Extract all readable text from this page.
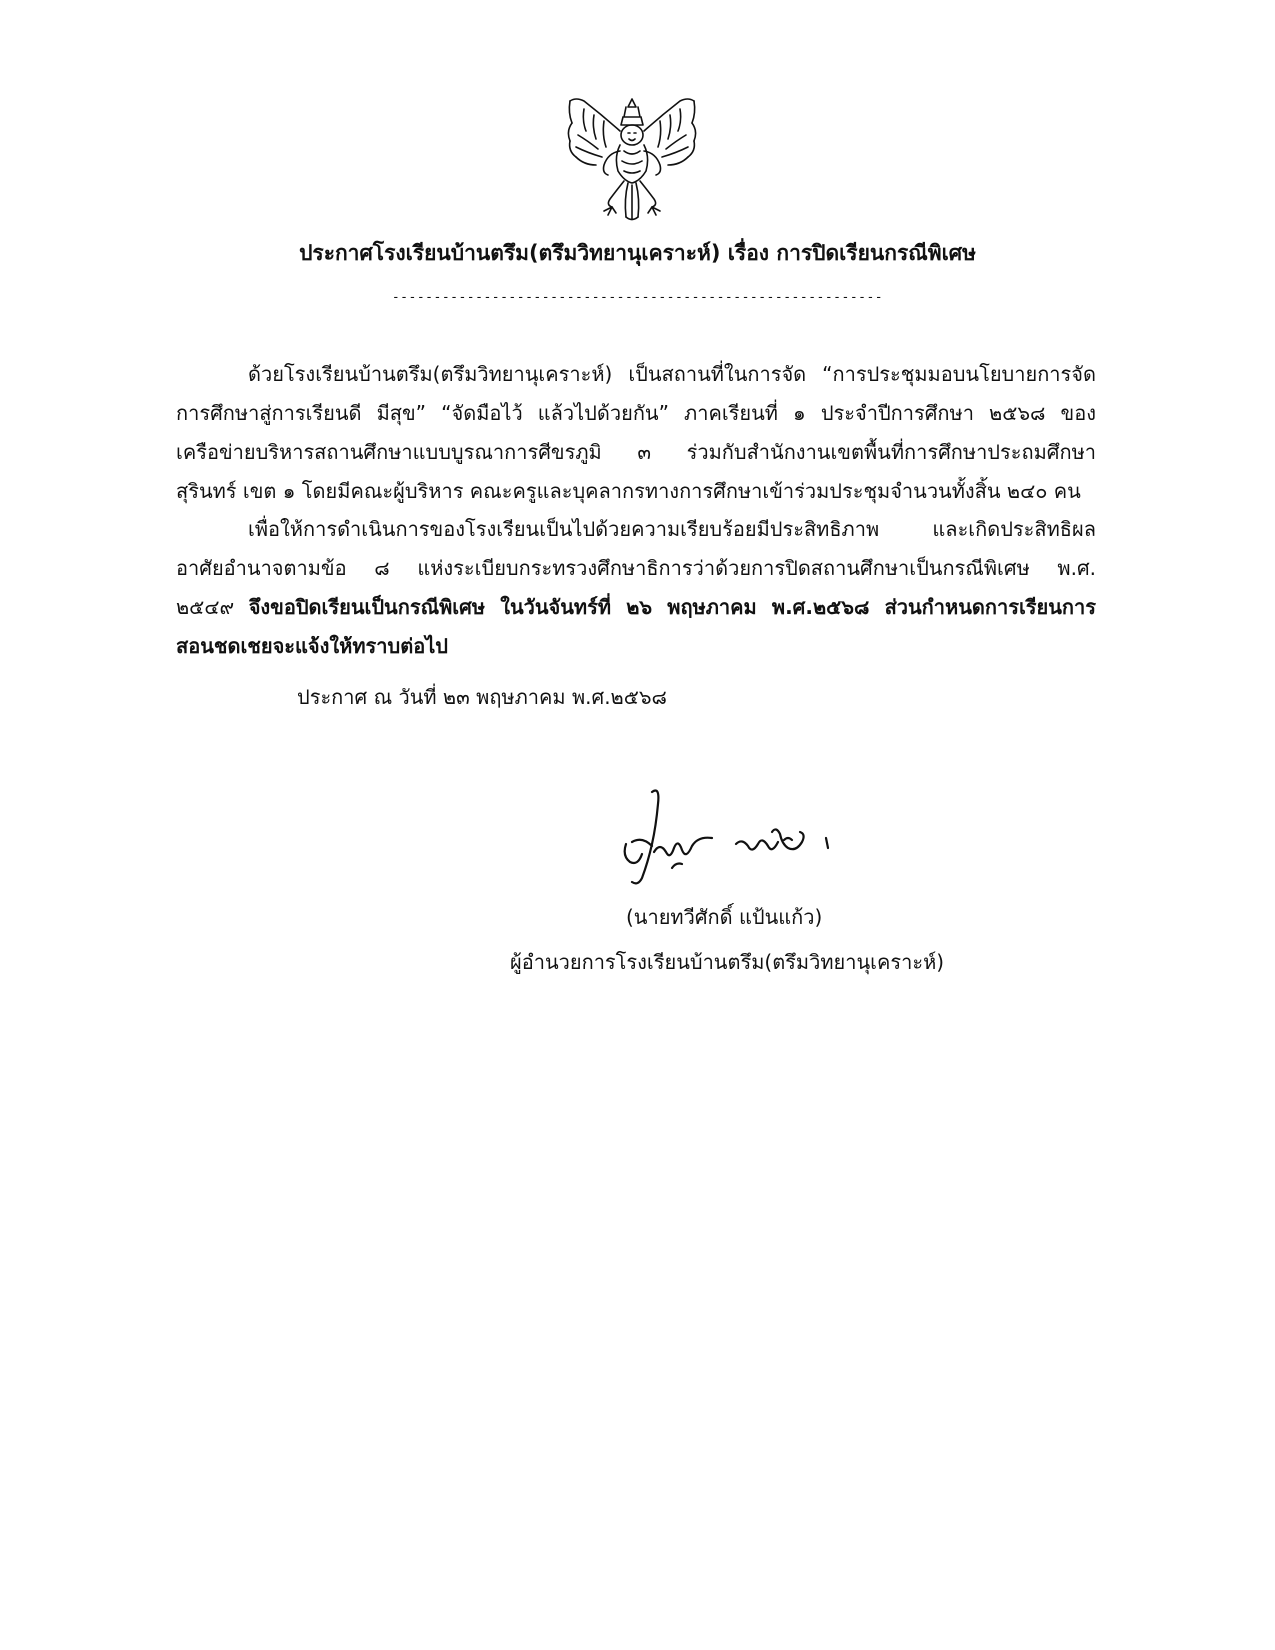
ประกาศโรงเรียนบ้านตรึม(ตรึมวิทยานุเคราะห์) เรื่อง การปิดเรียนกรณีพิเศษ
-----------------------------------------------------------
ด้วยโรงเรียนบ้านตรึม(ตรึมวิทยานุเคราะห์) เป็นสถานที่ในการจัด “การประชุมมอบนโยบายการจัด
การศึกษาสู่การเรียนดี มีสุข” “จัดมือไว้ แล้วไปด้วยกัน” ภาคเรียนที่ ๑ ประจำปีการศึกษา ๒๕๖๘ ของ
เครือข่ายบริหารสถานศึกษาแบบบูรณาการศีขรภูมิ ๓ ร่วมกับสำนักงานเขตพื้นที่การศึกษาประถมศึกษา
สุรินทร์ เขต ๑ โดยมีคณะผู้บริหาร คณะครูและบุคลากรทางการศึกษาเข้าร่วมประชุมจำนวนทั้งสิ้น ๒๔๐ คน
เพื่อให้การดำเนินการของโรงเรียนเป็นไปด้วยความเรียบร้อยมีประสิทธิภาพ และเกิดประสิทธิผล
อาศัยอำนาจตามข้อ ๘ แห่งระเบียบกระทรวงศึกษาธิการว่าด้วยการปิดสถานศึกษาเป็นกรณีพิเศษ พ.ศ.
๒๕๔๙ จึงขอปิดเรียนเป็นกรณีพิเศษ ในวันจันทร์ที่ ๒๖ พฤษภาคม พ.ศ.๒๕๖๘ ส่วนกำหนดการเรียนการ
สอนชดเชยจะแจ้งให้ทราบต่อไป
ประกาศ ณ วันที่ ๒๓ พฤษภาคม พ.ศ.๒๕๖๘
(นายทวีศักดิ์ แป้นแก้ว)
ผู้อำนวยการโรงเรียนบ้านตรึม(ตรึมวิทยานุเคราะห์)
